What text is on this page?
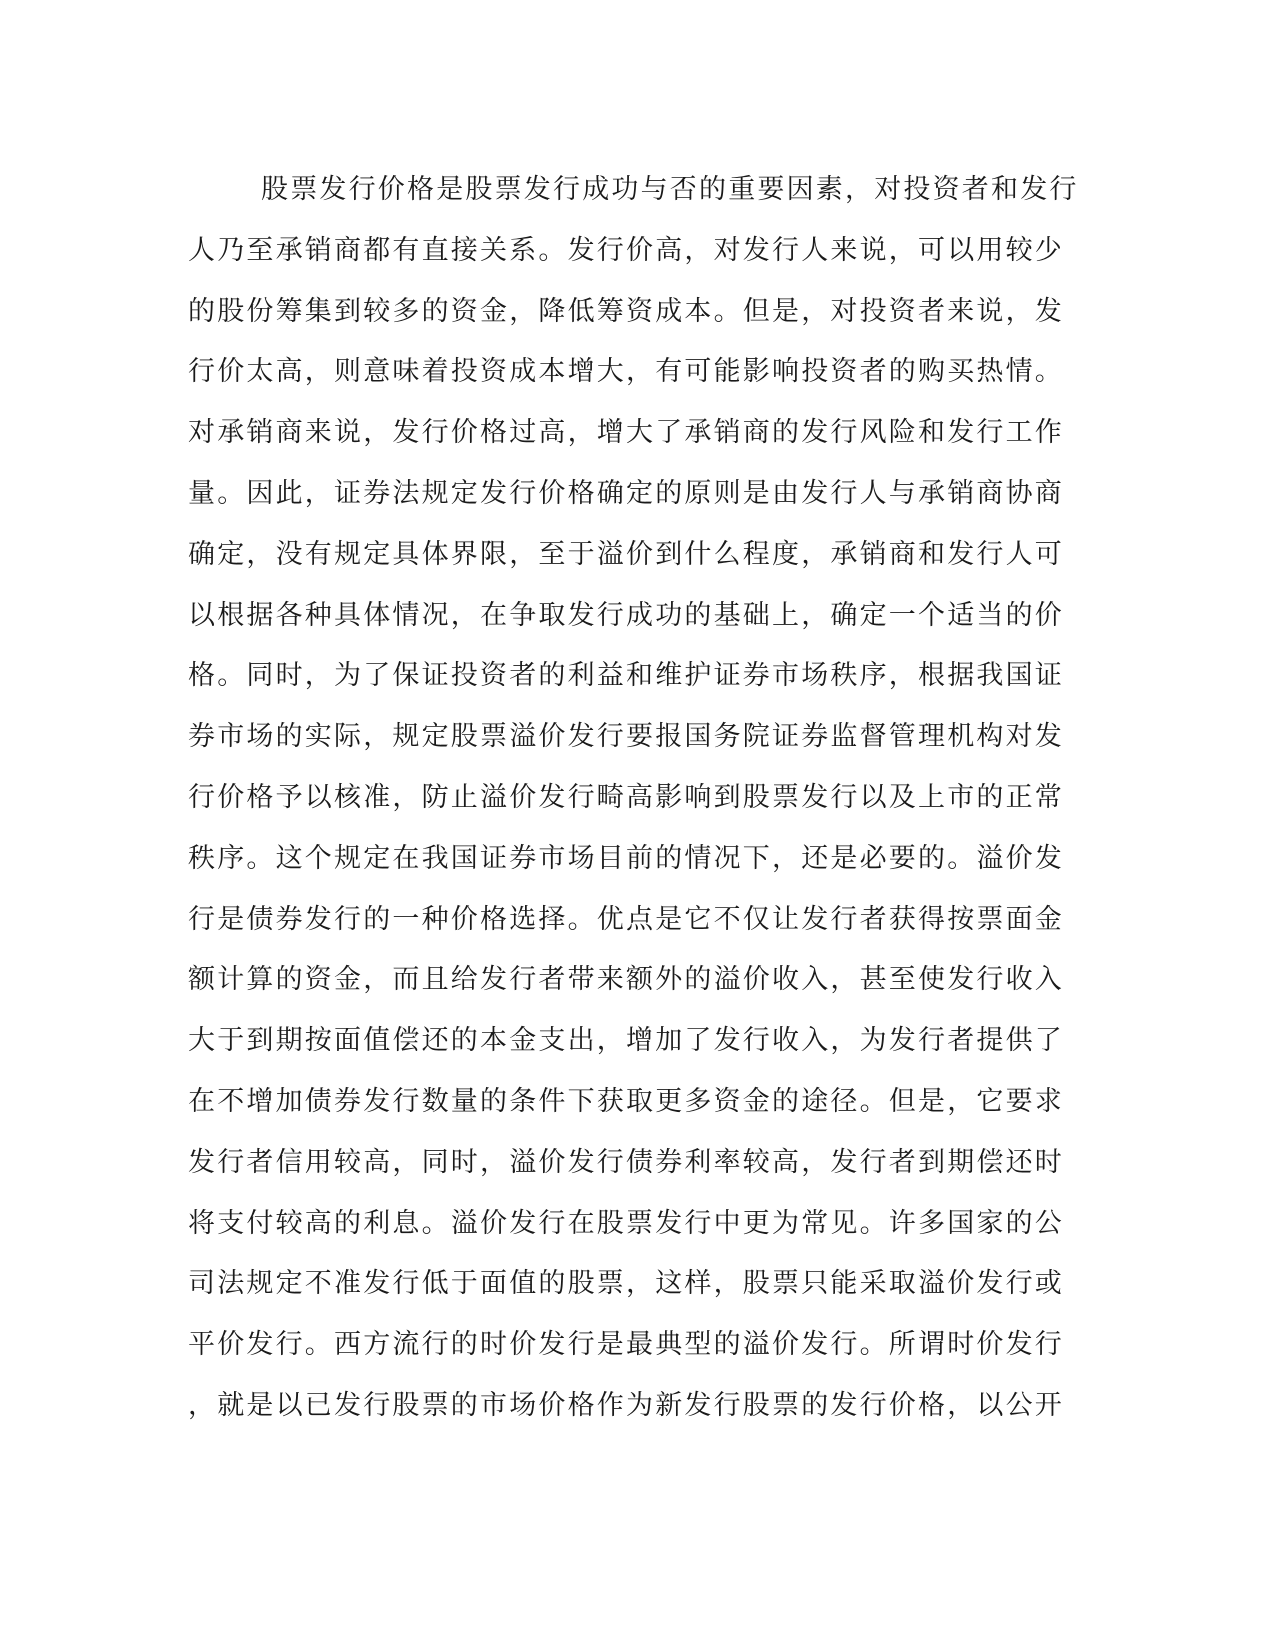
股票发行价格是股票发行成功与否的重要因素，对投资者和发行
人乃至承销商都有直接关系。发行价高，对发行人来说，可以用较少
的股份筹集到较多的资金，降低筹资成本。但是，对投资者来说，发
行价太高，则意味着投资成本增大，有可能影响投资者的购买热情。
对承销商来说，发行价格过高，增大了承销商的发行风险和发行工作
量。因此，证券法规定发行价格确定的原则是由发行人与承销商协商
确定，没有规定具体界限，至于溢价到什么程度，承销商和发行人可
以根据各种具体情况，在争取发行成功的基础上，确定一个适当的价
格。同时，为了保证投资者的利益和维护证券市场秩序，根据我国证
券市场的实际，规定股票溢价发行要报国务院证券监督管理机构对发
行价格予以核准，防止溢价发行畸高影响到股票发行以及上市的正常
秩序。这个规定在我国证券市场目前的情况下，还是必要的。溢价发
行是债券发行的一种价格选择。优点是它不仅让发行者获得按票面金
额计算的资金，而且给发行者带来额外的溢价收入，甚至使发行收入
大于到期按面值偿还的本金支出，增加了发行收入，为发行者提供了
在不增加债券发行数量的条件下获取更多资金的途径。但是，它要求
发行者信用较高，同时，溢价发行债券利率较高，发行者到期偿还时
将支付较高的利息。溢价发行在股票发行中更为常见。许多国家的公
司法规定不准发行低于面值的股票，这样，股票只能采取溢价发行或
平价发行。西方流行的时价发行是最典型的溢价发行。所谓时价发行
，就是以已发行股票的市场价格作为新发行股票的发行价格，以公开
